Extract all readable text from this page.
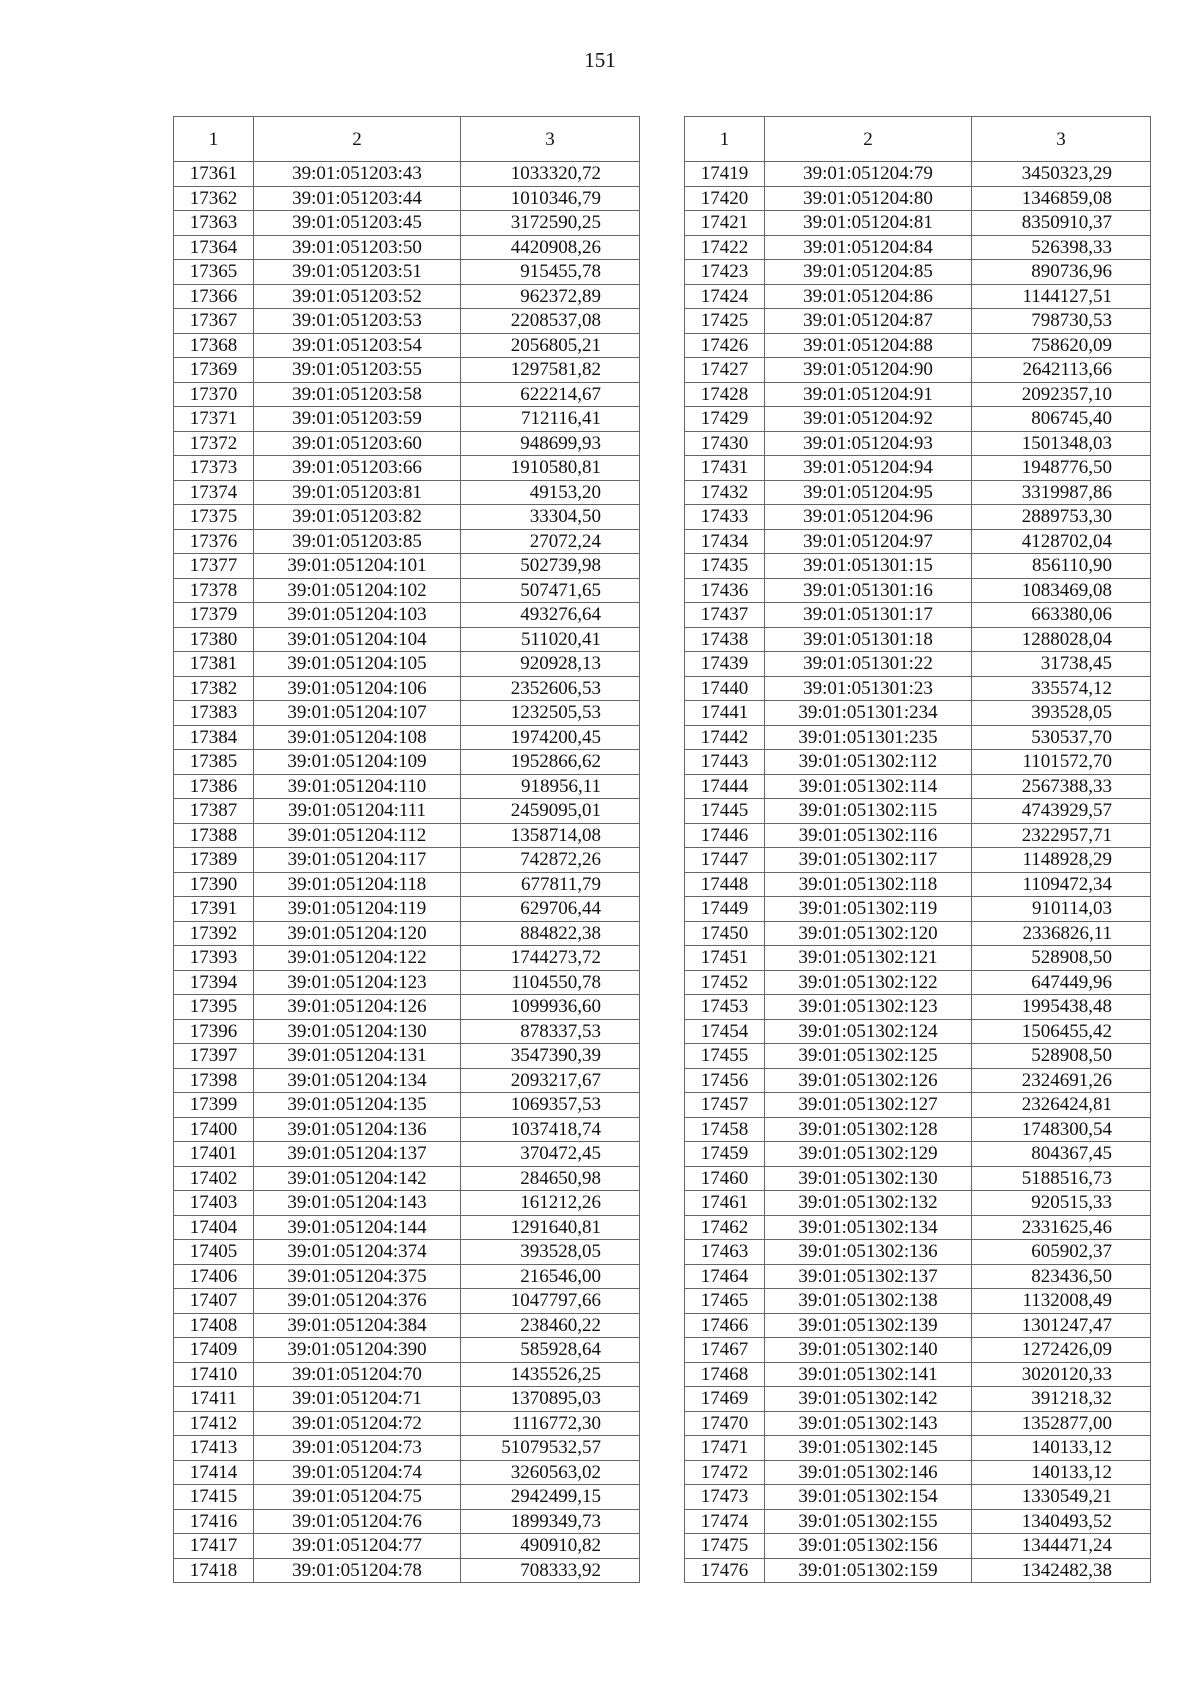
151
1	2	3
17361	39:01:051203:43	1033320,72
17362	39:01:051203:44	1010346,79
17363	39:01:051203:45	3172590,25
17364	39:01:051203:50	4420908,26
17365	39:01:051203:51	915455,78
17366	39:01:051203:52	962372,89
17367	39:01:051203:53	2208537,08
17368	39:01:051203:54	2056805,21
17369	39:01:051203:55	1297581,82
17370	39:01:051203:58	622214,67
17371	39:01:051203:59	712116,41
17372	39:01:051203:60	948699,93
17373	39:01:051203:66	1910580,81
17374	39:01:051203:81	49153,20
17375	39:01:051203:82	33304,50
17376	39:01:051203:85	27072,24
17377	39:01:051204:101	502739,98
17378	39:01:051204:102	507471,65
17379	39:01:051204:103	493276,64
17380	39:01:051204:104	511020,41
17381	39:01:051204:105	920928,13
17382	39:01:051204:106	2352606,53
17383	39:01:051204:107	1232505,53
17384	39:01:051204:108	1974200,45
17385	39:01:051204:109	1952866,62
17386	39:01:051204:110	918956,11
17387	39:01:051204:111	2459095,01
17388	39:01:051204:112	1358714,08
17389	39:01:051204:117	742872,26
17390	39:01:051204:118	677811,79
17391	39:01:051204:119	629706,44
17392	39:01:051204:120	884822,38
17393	39:01:051204:122	1744273,72
17394	39:01:051204:123	1104550,78
17395	39:01:051204:126	1099936,60
17396	39:01:051204:130	878337,53
17397	39:01:051204:131	3547390,39
17398	39:01:051204:134	2093217,67
17399	39:01:051204:135	1069357,53
17400	39:01:051204:136	1037418,74
17401	39:01:051204:137	370472,45
17402	39:01:051204:142	284650,98
17403	39:01:051204:143	161212,26
17404	39:01:051204:144	1291640,81
17405	39:01:051204:374	393528,05
17406	39:01:051204:375	216546,00
17407	39:01:051204:376	1047797,66
17408	39:01:051204:384	238460,22
17409	39:01:051204:390	585928,64
17410	39:01:051204:70	1435526,25
17411	39:01:051204:71	1370895,03
17412	39:01:051204:72	1116772,30
17413	39:01:051204:73	51079532,57
17414	39:01:051204:74	3260563,02
17415	39:01:051204:75	2942499,15
17416	39:01:051204:76	1899349,73
17417	39:01:051204:77	490910,82
17418	39:01:051204:78	708333,92
1	2	3
17419	39:01:051204:79	3450323,29
17420	39:01:051204:80	1346859,08
17421	39:01:051204:81	8350910,37
17422	39:01:051204:84	526398,33
17423	39:01:051204:85	890736,96
17424	39:01:051204:86	1144127,51
17425	39:01:051204:87	798730,53
17426	39:01:051204:88	758620,09
17427	39:01:051204:90	2642113,66
17428	39:01:051204:91	2092357,10
17429	39:01:051204:92	806745,40
17430	39:01:051204:93	1501348,03
17431	39:01:051204:94	1948776,50
17432	39:01:051204:95	3319987,86
17433	39:01:051204:96	2889753,30
17434	39:01:051204:97	4128702,04
17435	39:01:051301:15	856110,90
17436	39:01:051301:16	1083469,08
17437	39:01:051301:17	663380,06
17438	39:01:051301:18	1288028,04
17439	39:01:051301:22	31738,45
17440	39:01:051301:23	335574,12
17441	39:01:051301:234	393528,05
17442	39:01:051301:235	530537,70
17443	39:01:051302:112	1101572,70
17444	39:01:051302:114	2567388,33
17445	39:01:051302:115	4743929,57
17446	39:01:051302:116	2322957,71
17447	39:01:051302:117	1148928,29
17448	39:01:051302:118	1109472,34
17449	39:01:051302:119	910114,03
17450	39:01:051302:120	2336826,11
17451	39:01:051302:121	528908,50
17452	39:01:051302:122	647449,96
17453	39:01:051302:123	1995438,48
17454	39:01:051302:124	1506455,42
17455	39:01:051302:125	528908,50
17456	39:01:051302:126	2324691,26
17457	39:01:051302:127	2326424,81
17458	39:01:051302:128	1748300,54
17459	39:01:051302:129	804367,45
17460	39:01:051302:130	5188516,73
17461	39:01:051302:132	920515,33
17462	39:01:051302:134	2331625,46
17463	39:01:051302:136	605902,37
17464	39:01:051302:137	823436,50
17465	39:01:051302:138	1132008,49
17466	39:01:051302:139	1301247,47
17467	39:01:051302:140	1272426,09
17468	39:01:051302:141	3020120,33
17469	39:01:051302:142	391218,32
17470	39:01:051302:143	1352877,00
17471	39:01:051302:145	140133,12
17472	39:01:051302:146	140133,12
17473	39:01:051302:154	1330549,21
17474	39:01:051302:155	1340493,52
17475	39:01:051302:156	1344471,24
17476	39:01:051302:159	1342482,38
